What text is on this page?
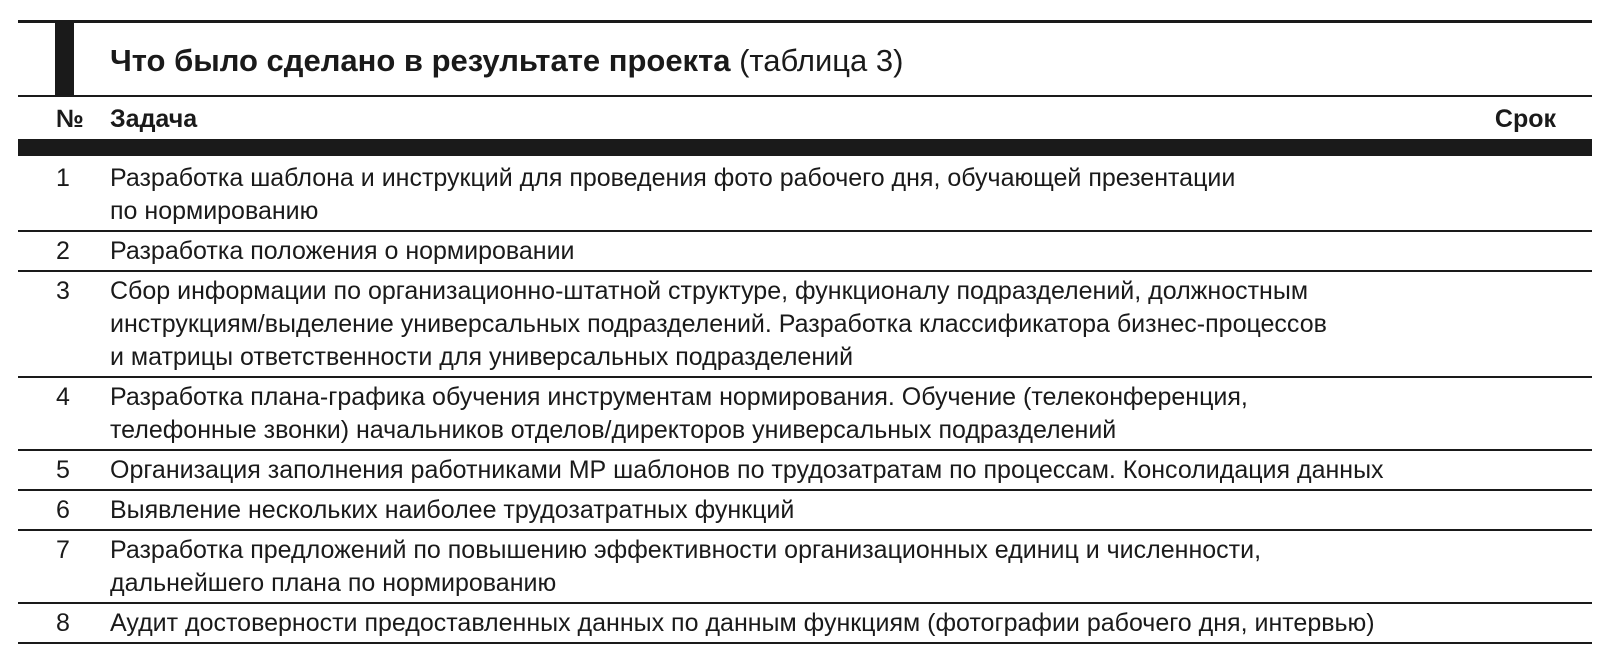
Что было сделано в результате проекта (таблица 3)
№ Задача	Срок
1	Разработка шаблона и инструкций для проведения фото рабочего дня, обучающей презентации
по нормированию
2	Разработка положения о нормировании
3	Сбор информации по организационно-штатной структуре, функционалу подразделений, должностным
инструкциям/выделение универсальных подразделений. Разработка классификатора бизнес-процессов
и матрицы ответственности для универсальных подразделений
4	Разработка плана-графика обучения инструментам нормирования. Обучение (телеконференция,
телефонные звонки) начальников отделов/директоров универсальных подразделений
5	Организация заполнения работниками МР шаблонов по трудозатратам по процессам. Консолидация данных
6	Выявление нескольких наиболее трудозатратных функций
7	Разработка предложений по повышению эффективности организационных единиц и численности,
дальнейшего плана по нормированию
8	Аудит достоверности предоставленных данных по данным функциям (фотографии рабочего дня, интервью)
